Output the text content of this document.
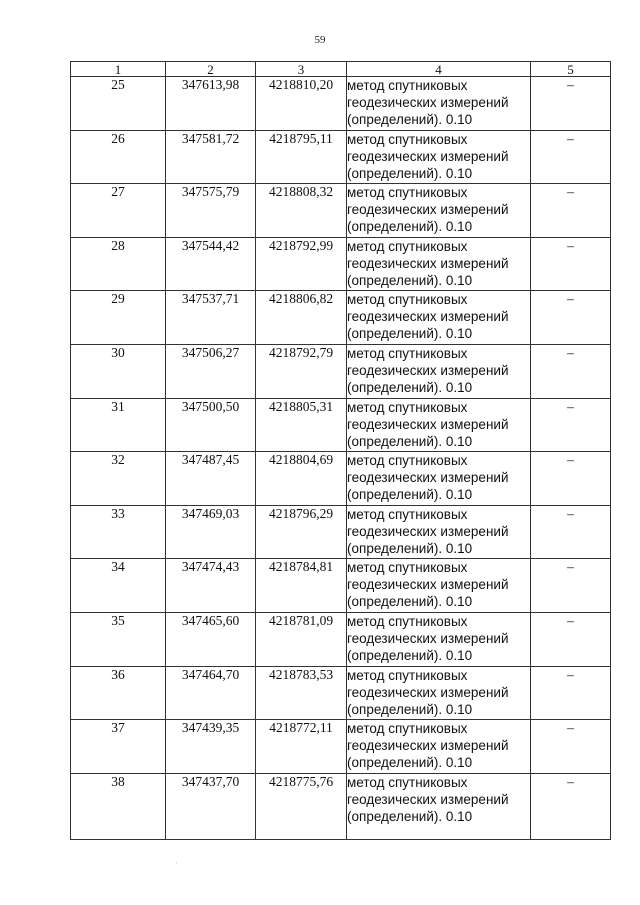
59
1	2	3	4	5
25	347613,98	4218810,20	метод спутниковых
геодезических измерений
(определений). 0.10	–
26	347581,72	4218795,11	метод спутниковых
геодезических измерений
(определений). 0.10	–
27	347575,79	4218808,32	метод спутниковых
геодезических измерений
(определений). 0.10	–
28	347544,42	4218792,99	метод спутниковых
геодезических измерений
(определений). 0.10	–
29	347537,71	4218806,82	метод спутниковых
геодезических измерений
(определений). 0.10	–
30	347506,27	4218792,79	метод спутниковых
геодезических измерений
(определений). 0.10	–
31	347500,50	4218805,31	метод спутниковых
геодезических измерений
(определений). 0.10	–
32	347487,45	4218804,69	метод спутниковых
геодезических измерений
(определений). 0.10	–
33	347469,03	4218796,29	метод спутниковых
геодезических измерений
(определений). 0.10	–
34	347474,43	4218784,81	метод спутниковых
геодезических измерений
(определений). 0.10	–
35	347465,60	4218781,09	метод спутниковых
геодезических измерений
(определений). 0.10	–
36	347464,70	4218783,53	метод спутниковых
геодезических измерений
(определений). 0.10	–
37	347439,35	4218772,11	метод спутниковых
геодезических измерений
(определений). 0.10	–
38	347437,70	4218775,76	метод спутниковых
геодезических измерений
(определений). 0.10	–
·
